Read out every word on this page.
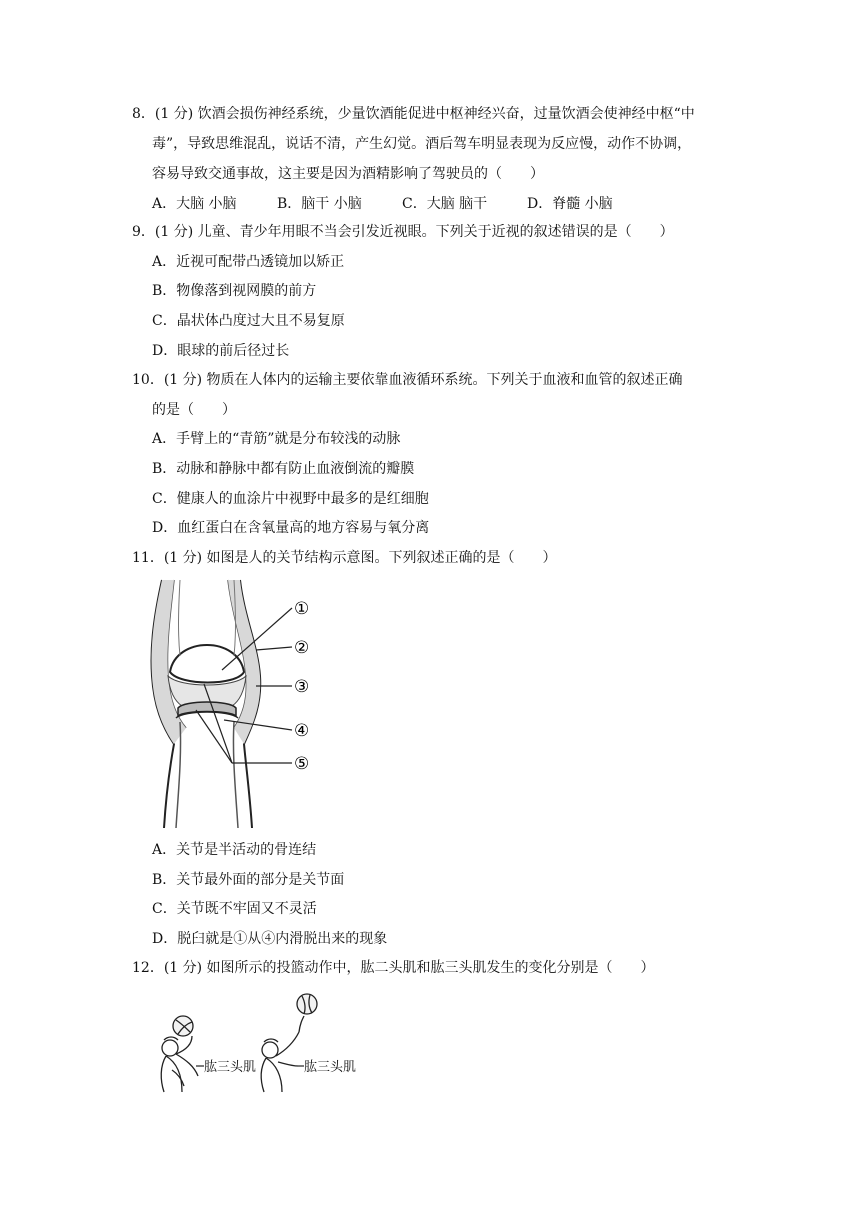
8．(1 分) 饮酒会损伤神经系统，少量饮酒能促进中枢神经兴奋，过量饮酒会使神经中枢“中
毒”，导致思维混乱，说话不清，产生幻觉。酒后驾车明显表现为反应慢，动作不协调，
容易导致交通事故，这主要是因为酒精影响了驾驶员的（　　）
A．大脑 小脑	B．脑干 小脑	C．大脑 脑干	D．脊髓 小脑
9．(1 分) 儿童、青少年用眼不当会引发近视眼。下列关于近视的叙述错误的是（　　）
A．近视可配带凸透镜加以矫正
B．物像落到视网膜的前方
C．晶状体凸度过大且不易复原
D．眼球的前后径过长
10．(1 分) 物质在人体内的运输主要依靠血液循环系统。下列关于血液和血管的叙述正确
的是（　　）
A．手臂上的“青筋”就是分布较浅的动脉
B．动脉和静脉中都有防止血液倒流的瓣膜
C．健康人的血涂片中视野中最多的是红细胞
D．血红蛋白在含氧量高的地方容易与氧分离
11．(1 分) 如图是人的关节结构示意图。下列叙述正确的是（　　）
①
②
③
④
⑤
A．关节是半活动的骨连结
B．关节最外面的部分是关节面
C．关节既不牢固又不灵活
D．脱臼就是①从④内滑脱出来的现象
12．(1 分) 如图所示的投篮动作中，肱二头肌和肱三头肌发生的变化分别是（　　）
肱三头肌	肱三头肌
